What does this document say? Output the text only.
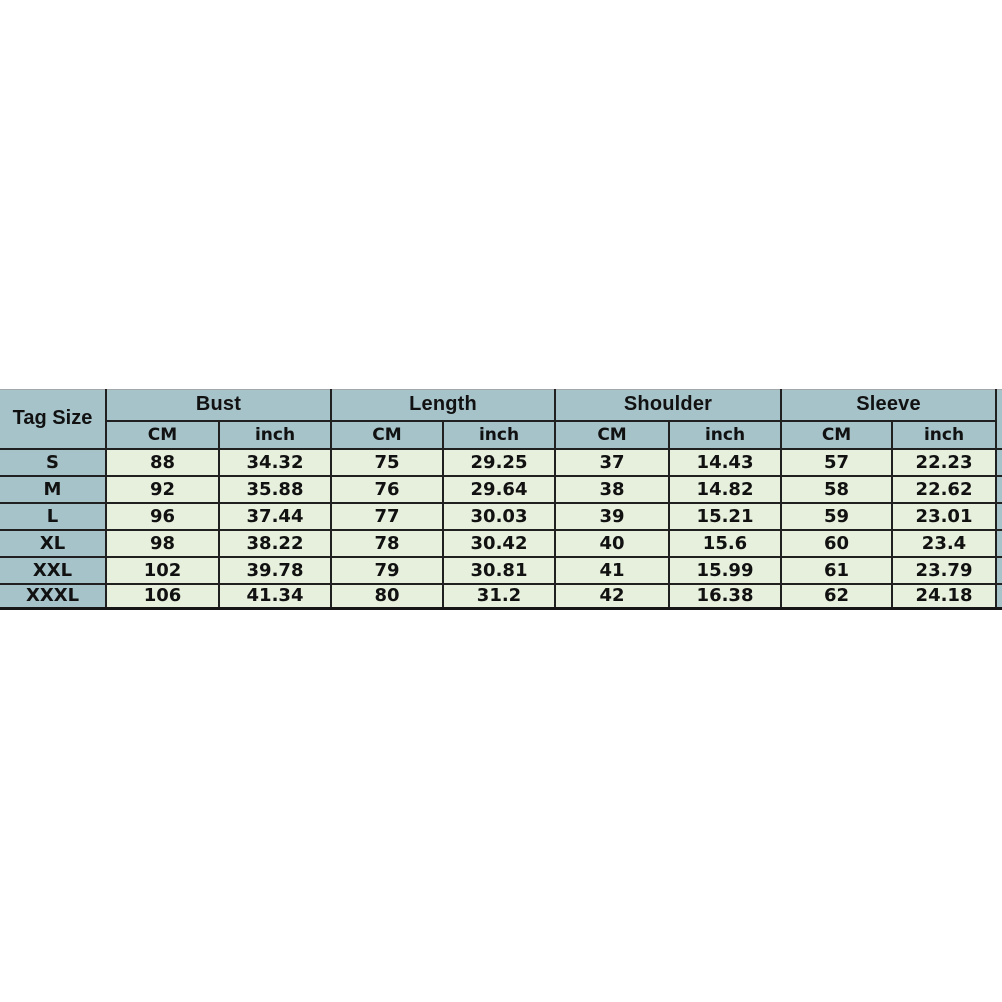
Tag Size	Bust		Length		Shoulder		Sleeve		
	CM	inch	CM	inch	CM	inch	CM	inch	
S	88	34.32	75	29.25	37	14.43	57	22.23	
M	92	35.88	76	29.64	38	14.82	58	22.62	
L	96	37.44	77	30.03	39	15.21	59	23.01	
XL	98	38.22	78	30.42	40	15.6	60	23.4	
XXL	102	39.78	79	30.81	41	15.99	61	23.79	
XXXL	106	41.34	80	31.2	42	16.38	62	24.18	
